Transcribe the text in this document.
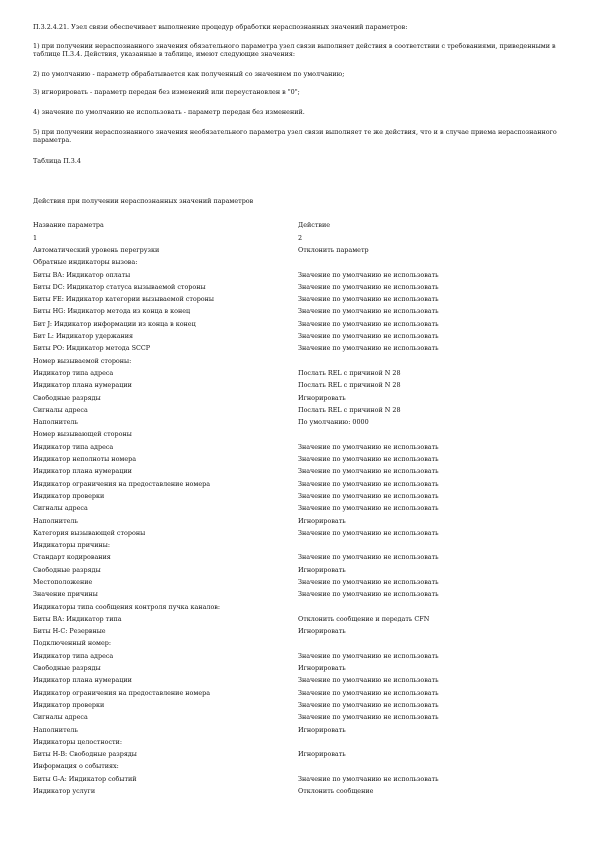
П.3.2.4.21. Узел связи обеспечивает выполнение процедур обработки нераспознанных значений параметров:

1) при получении нераспознанного значения обязательного параметра узел связи выполняет действия в соответствии с требованиями, приведенными в таблице П.3.4. Действия, указанные в таблице, имеют следующие значения:

2) по умолчанию - параметр обрабатывается как полученный со значением по умолчанию;

3) игнорировать - параметр передан без изменений или переустановлен в "0";

4) значение по умолчанию не использовать - параметр передан без изменений.

5) при получении нераспознанного значения необязательного параметра узел связи выполняет те же действия, что и в случае приема нераспознанного параметра.

Таблица П.3.4

Действия при получении нераспознанных значений параметров

Название параметра	Действие
1	2
Автоматический уровень перегрузки	Отклонить параметр
Обратные индикаторы вызова:
Биты ВА: Индикатор оплаты	Значение по умолчанию не использовать
Биты DC: Индикатор статуса вызываемой стороны	Значение по умолчанию не использовать
Биты FE: Индикатор категории вызываемой стороны	Значение по умолчанию не использовать
Биты HG: Индикатор метода из конца в конец	Значение по умолчанию не использовать
Бит J: Индикатор информации из конца в конец	Значение по умолчанию не использовать
Бит L: Индикатор удержания	Значение по умолчанию не использовать
Биты PO: Индикатор метода SCCP	Значение по умолчанию не использовать
Номер вызываемой стороны:
Индикатор типа адреса	Послать REL с причиной N 28
Индикатор плана нумерации	Послать REL с причиной N 28
Свободные разряды	Игнорировать
Сигналы адреса	Послать REL с причиной N 28
Наполнитель	По умолчанию: 0000
Номер вызывающей стороны
Индикатор типа адреса	Значение по умолчанию не использовать
Индикатор неполноты номера	Значение по умолчанию не использовать
Индикатор плана нумерации	Значение по умолчанию не использовать
Индикатор ограничения на предоставление номера	Значение по умолчанию не использовать
Индикатор проверки	Значение по умолчанию не использовать
Сигналы адреса	Значение по умолчанию не использовать
Наполнитель	Игнорировать
Категория вызывающей стороны	Значение по умолчанию не использовать
Индикаторы причины:
Стандарт кодирования	Значение по умолчанию не использовать
Свободные разряды	Игнорировать
Местоположение	Значение по умолчанию не использовать
Значение причины	Значение по умолчанию не использовать
Индикаторы типа сообщения контроля пучка каналов:
Биты ВА: Индикатор типа	Отклонить сообщение и передать CFN
Биты Н-С: Резервные	Игнорировать
Подключенный номер:
Индикатор типа адреса	Значение по умолчанию не использовать
Свободные разряды	Игнорировать
Индикатор плана нумерации	Значение по умолчанию не использовать
Индикатор ограничения на предоставление номера	Значение по умолчанию не использовать
Индикатор проверки	Значение по умолчанию не использовать
Сигналы адреса	Значение по умолчанию не использовать
Наполнитель	Игнорировать
Индикаторы целостности:
Биты Н-В: Свободные разряды	Игнорировать
Информация о событиях:
Биты G-A: Индикатор событий	Значение по умолчанию не использовать
Индикатор услуги	Отклонить сообщение
